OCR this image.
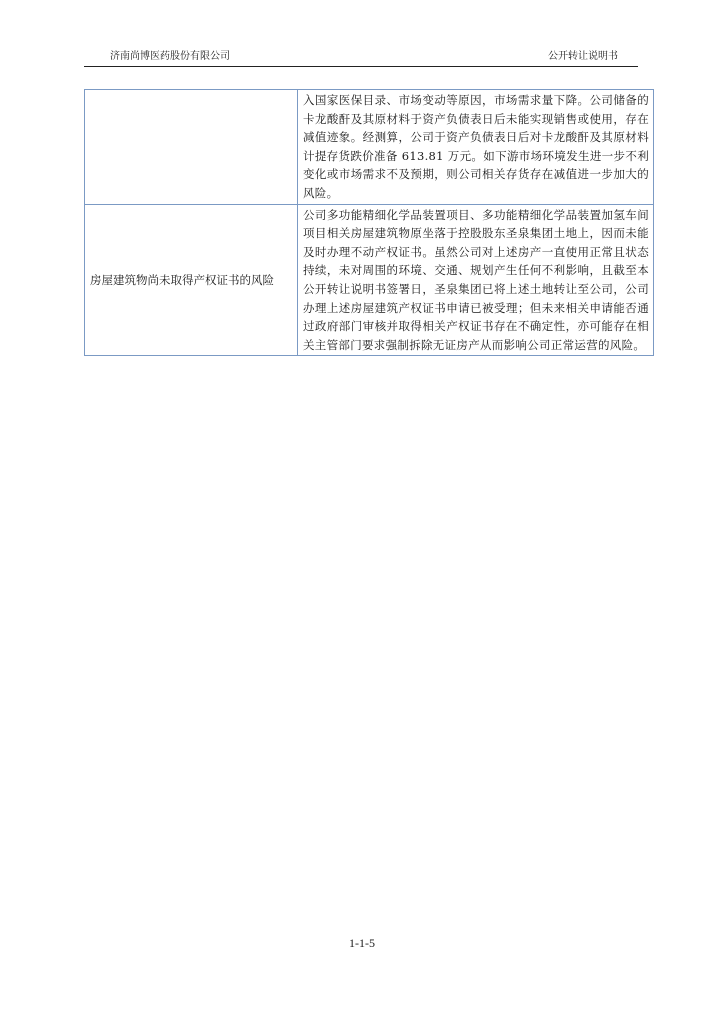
济南尚博医药股份有限公司	公开转让说明书
	入国家医保目录、市场变动等原因，市场需求量下降。公司储备的卡龙酸酐及其原材料于资产负债表日后未能实现销售或使用，存在减值迹象。经测算，公司于资产负债表日后对卡龙酸酐及其原材料计提存货跌价准备 613.81 万元。如下游市场环境发生进一步不利变化或市场需求不及预期，则公司相关存货存在减值进一步加大的风险。
房屋建筑物尚未取得产权证书的风险	公司多功能精细化学品装置项目、多功能精细化学品装置加氢车间项目相关房屋建筑物原坐落于控股股东圣泉集团土地上，因而未能及时办理不动产权证书。虽然公司对上述房产一直使用正常且状态持续，未对周围的环境、交通、规划产生任何不利影响，且截至本公开转让说明书签署日，圣泉集团已将上述土地转让至公司，公司办理上述房屋建筑产权证书申请已被受理；但未来相关申请能否通过政府部门审核并取得相关产权证书存在不确定性，亦可能存在相关主管部门要求强制拆除无证房产从而影响公司正常运营的风险。
1-1-5
